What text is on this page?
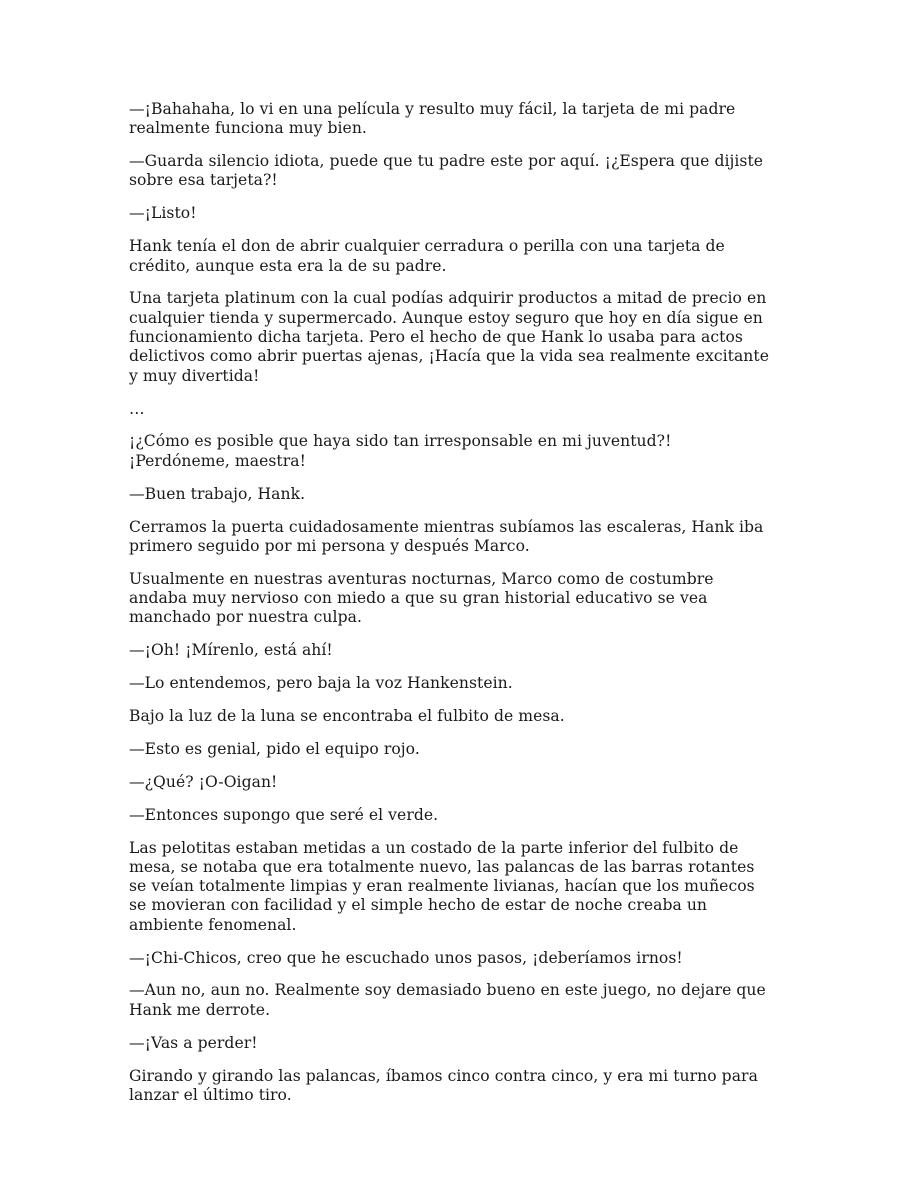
—¡Bahahaha, lo vi en una película y resulto muy fácil, la tarjeta de mi padre realmente funciona muy bien.

—Guarda silencio idiota, puede que tu padre este por aquí. ¡¿Espera que dijiste sobre esa tarjeta?!

—¡Listo!

Hank tenía el don de abrir cualquier cerradura o perilla con una tarjeta de crédito, aunque esta era la de su padre.

Una tarjeta platinum con la cual podías adquirir productos a mitad de precio en cualquier tienda y supermercado. Aunque estoy seguro que hoy en día sigue en funcionamiento dicha tarjeta. Pero el hecho de que Hank lo usaba para actos delictivos como abrir puertas ajenas, ¡Hacía que la vida sea realmente excitante y muy divertida!

…

¡¿Cómo es posible que haya sido tan irresponsable en mi juventud?! ¡Perdóneme, maestra!

—Buen trabajo, Hank.

Cerramos la puerta cuidadosamente mientras subíamos las escaleras, Hank iba primero seguido por mi persona y después Marco.

Usualmente en nuestras aventuras nocturnas, Marco como de costumbre andaba muy nervioso con miedo a que su gran historial educativo se vea manchado por nuestra culpa.

—¡Oh! ¡Mírenlo, está ahí!

—Lo entendemos, pero baja la voz Hankenstein.

Bajo la luz de la luna se encontraba el fulbito de mesa.

—Esto es genial, pido el equipo rojo.

—¿Qué? ¡O-Oigan!

—Entonces supongo que seré el verde.

Las pelotitas estaban metidas a un costado de la parte inferior del fulbito de mesa, se notaba que era totalmente nuevo, las palancas de las barras rotantes se veían totalmente limpias y eran realmente livianas, hacían que los muñecos se movieran con facilidad y el simple hecho de estar de noche creaba un ambiente fenomenal.

—¡Chi-Chicos, creo que he escuchado unos pasos, ¡deberíamos irnos!

—Aun no, aun no. Realmente soy demasiado bueno en este juego, no dejare que Hank me derrote.

—¡Vas a perder!

Girando y girando las palancas, íbamos cinco contra cinco, y era mi turno para lanzar el último tiro.
